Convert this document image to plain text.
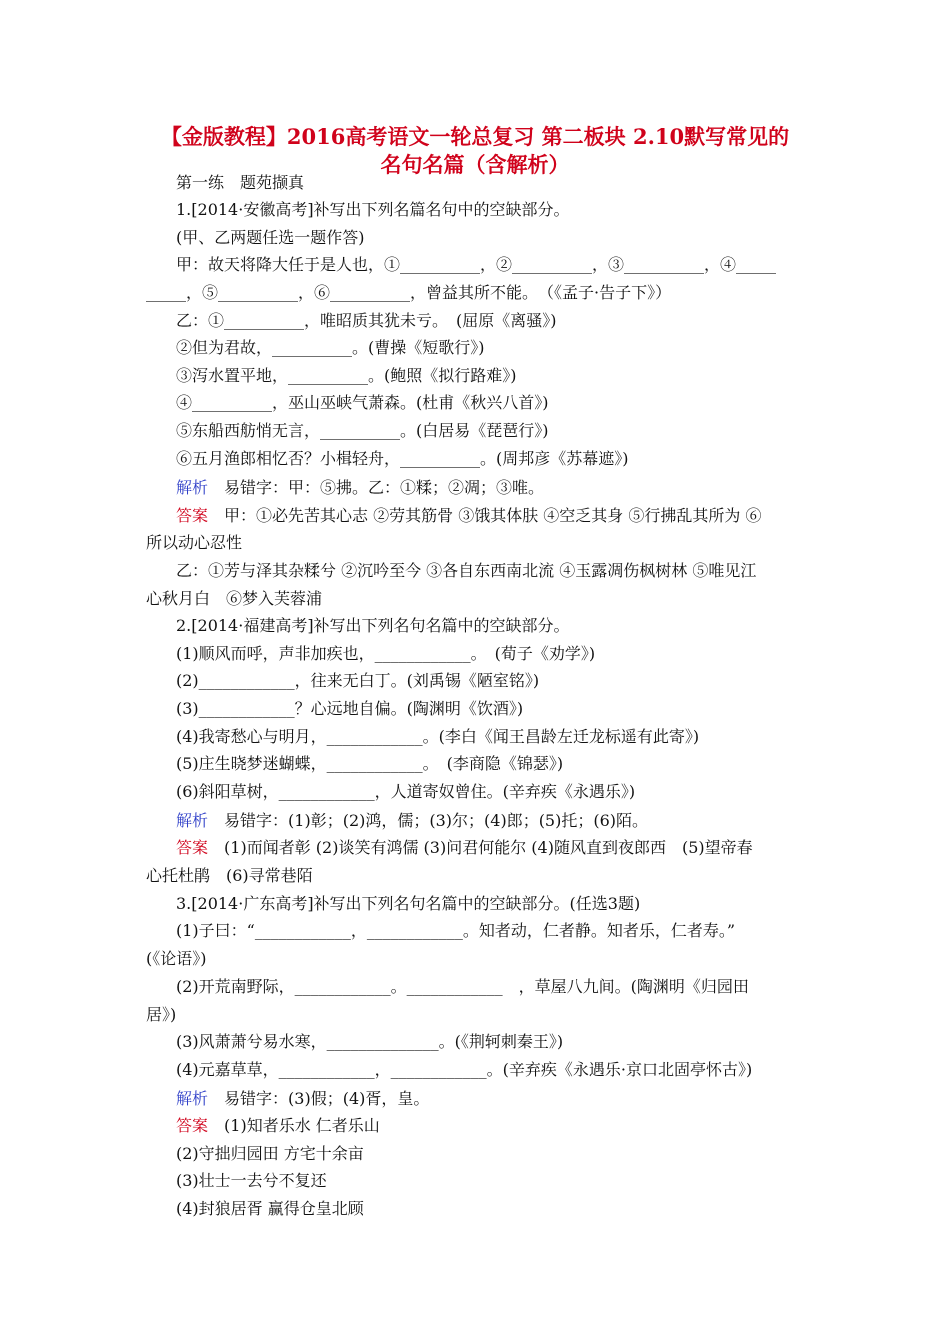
【金版教程】2016高考语文一轮总复习 第二板块 2.10默写常见的
名句名篇（含解析）
第一练　题苑撷真
1.[2014·安徽高考]补写出下列名篇名句中的空缺部分。
(甲、乙两题任选一题作答)
甲：故天将降大任于是人也，①__________，②__________，③__________，④_____
_____，⑤__________，⑥__________，曾益其所不能。　（《孟子·告子下》）
乙：①__________，唯昭质其犹未亏。　(屈原《离骚》)
②但为君故，__________。(曹操《短歌行》)
③泻水置平地，__________。(鲍照《拟行路难》)
④__________，巫山巫峡气萧森。(杜甫《秋兴八首》)
⑤东船西舫悄无言，__________。(白居易《琵琶行》)
⑥五月渔郎相忆否？小楫轻舟，__________。(周邦彦《苏幕遮》)
解析　 易错字：甲：⑤拂。乙：①糅；②凋；③唯。
答案　 甲：①必先苦其心志 ②劳其筋骨 ③饿其体肤 ④空乏其身 ⑤行拂乱其所为 ⑥
所以动心忍性
乙：①芳与泽其杂糅兮 ②沉吟至今 ③各自东西南北流 ④玉露凋伤枫树林 ⑤唯见江
心秋月白　⑥梦入芙蓉浦
2.[2014·福建高考]补写出下列名句名篇中的空缺部分。
(1)顺风而呼，声非加疾也，____________。　(荀子《劝学》)
(2)____________，往来无白丁。(刘禹锡《陋室铭》)
(3)____________？心远地自偏。(陶渊明《饮酒》)
(4)我寄愁心与明月，____________。(李白《闻王昌龄左迁龙标遥有此寄》)
(5)庄生晓梦迷蝴蝶，____________。　(李商隐《锦瑟》)
(6)斜阳草树，____________，人道寄奴曾住。(辛弃疾《永遇乐》)
解析　 易错字：(1)彰；(2)鸿，儒；(3)尔；(4)郎；(5)托；(6)陌。
答案　 (1)而闻者彰 (2)谈笑有鸿儒 (3)问君何能尔 (4)随风直到夜郎西　(5)望帝春
心托杜鹃　(6)寻常巷陌
3.[2014·广东高考]补写出下列名句名篇中的空缺部分。(任选3题)
(1)子曰：“____________，____________。知者动，仁者静。知者乐，仁者寿。”
(《论语》)
(2)开荒南野际，____________。____________　，草屋八九间。(陶渊明《归园田
居》)
(3)风萧萧兮易水寒，______________。(《荆轲刺秦王》)
(4)元嘉草草，____________，____________。(辛弃疾《永遇乐·京口北固亭怀古》)
解析　 易错字：(3)假；(4)胥，皇。
答案　 (1)知者乐水 仁者乐山
(2)守拙归园田 方宅十余亩
(3)壮士一去兮不复还
(4)封狼居胥 赢得仓皇北顾
